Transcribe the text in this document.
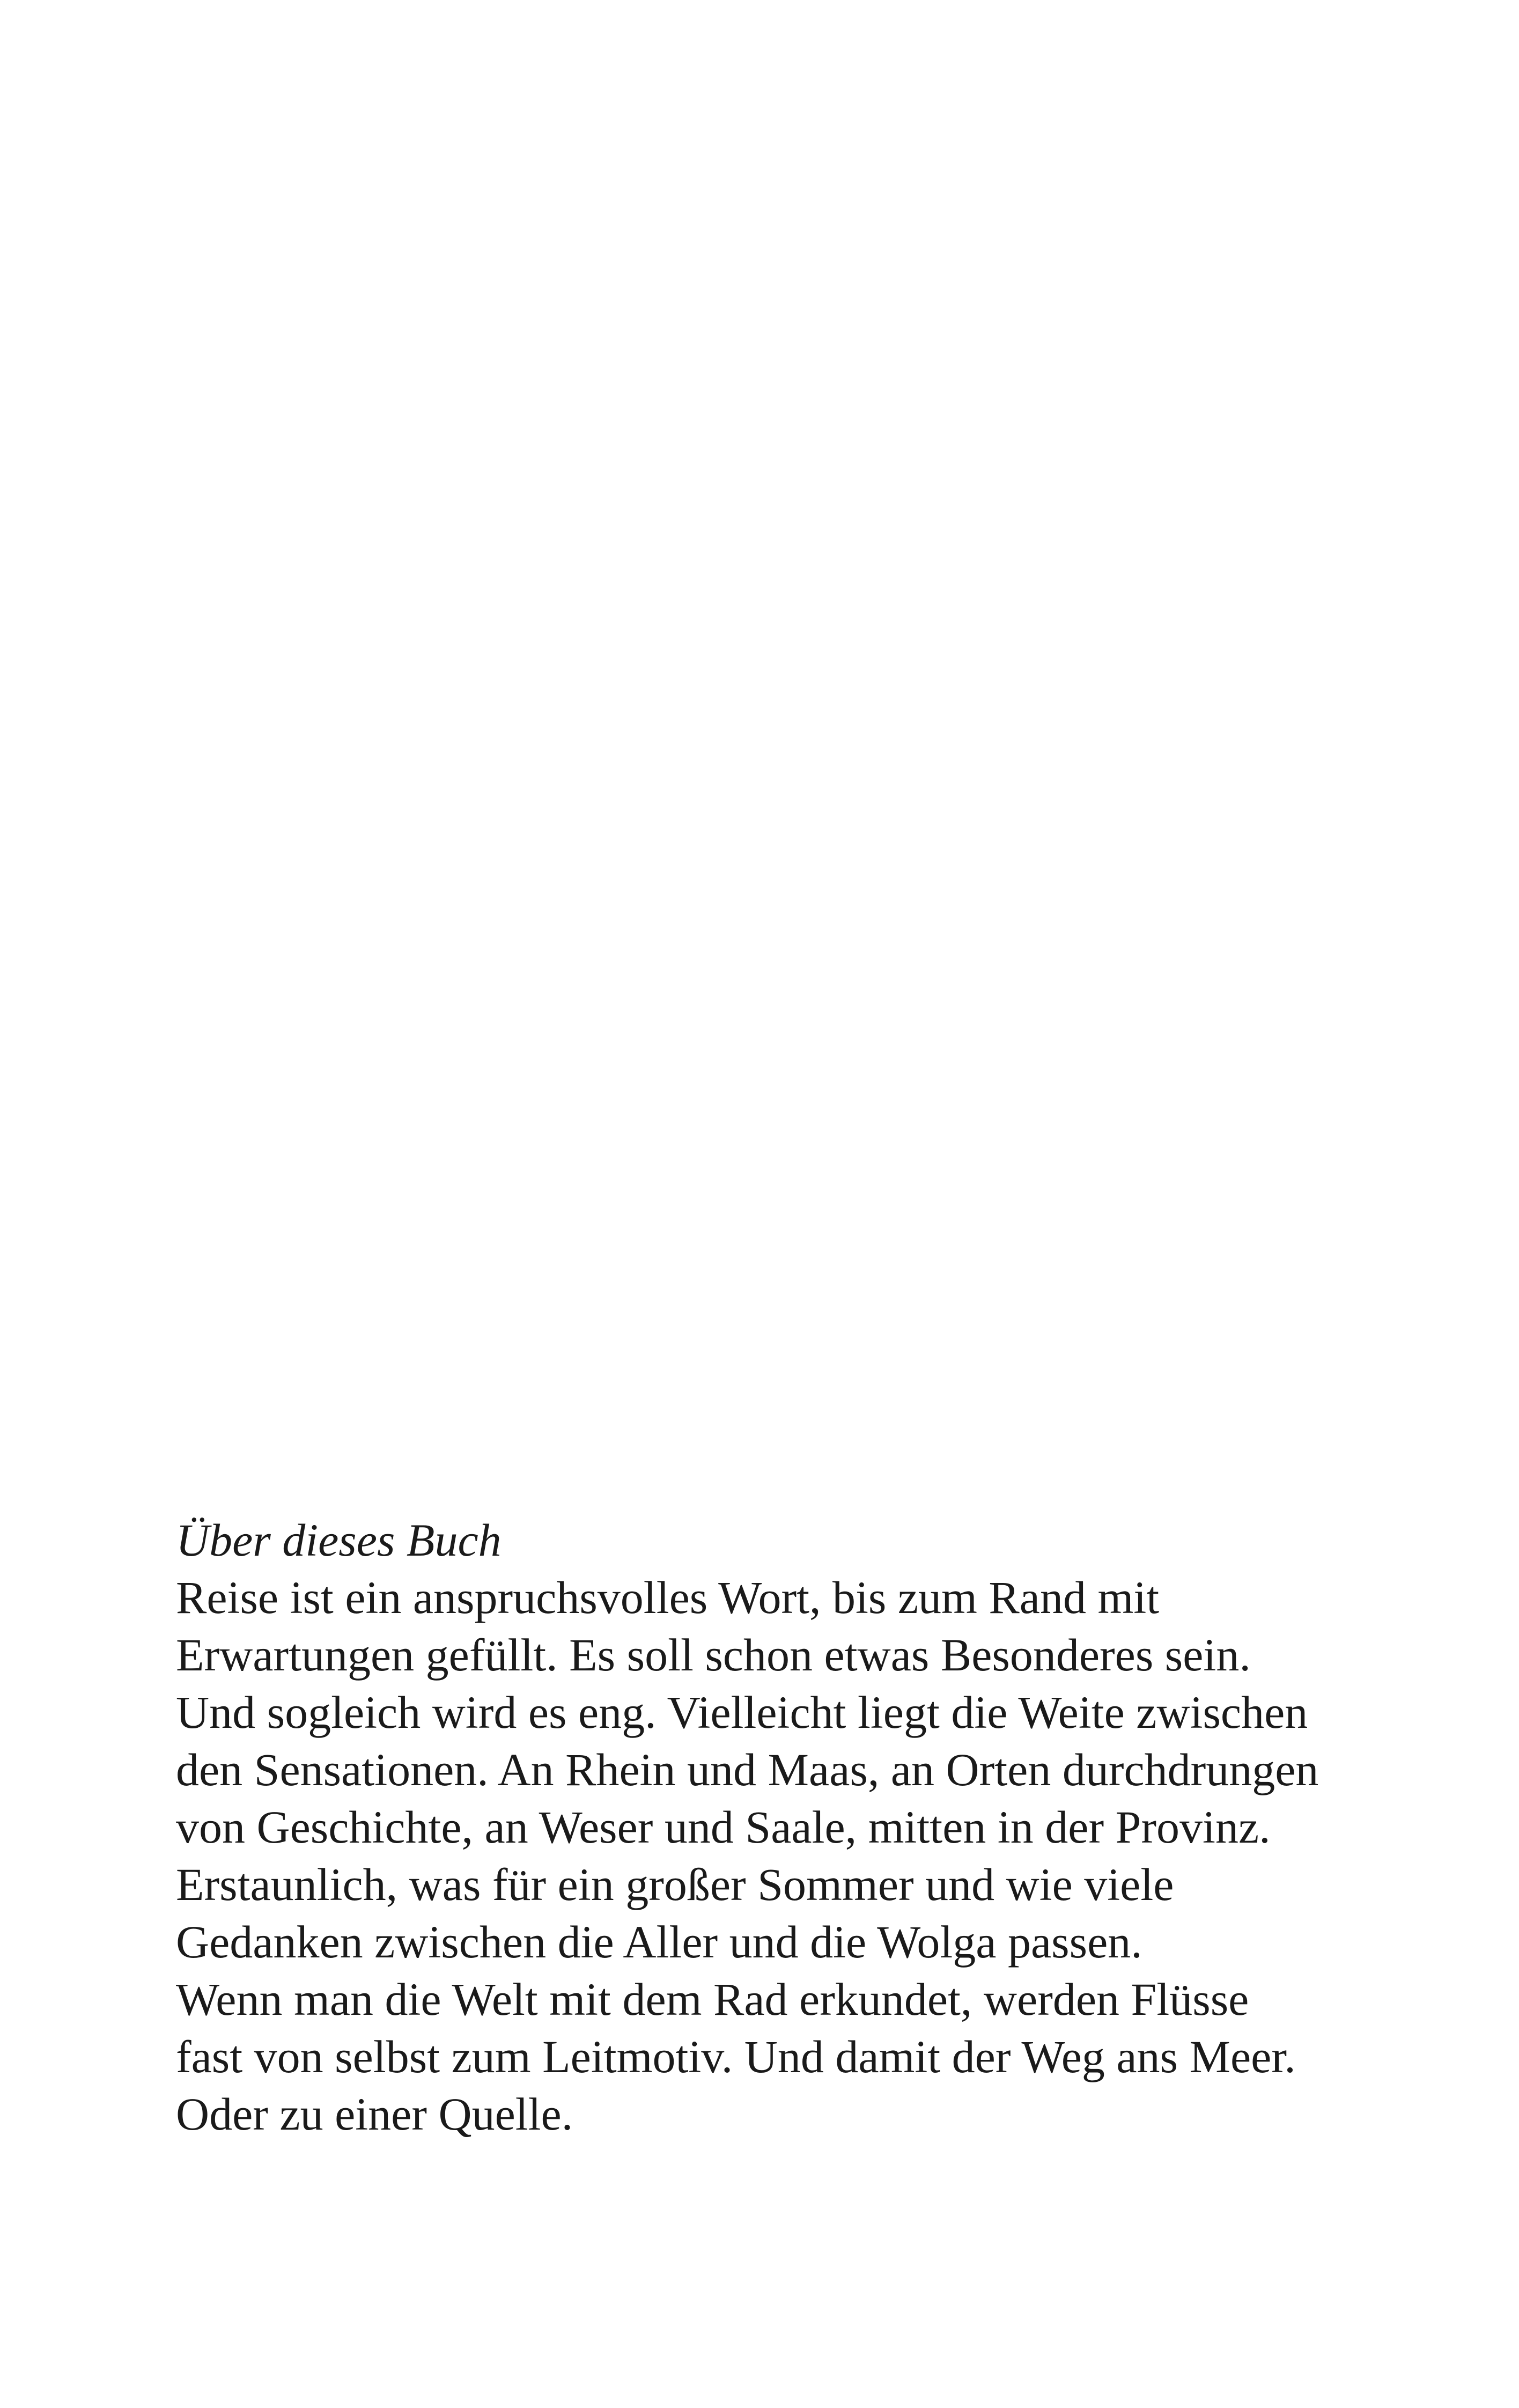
Über dieses Buch

Reise ist ein anspruchsvolles Wort, bis zum Rand mit

Erwartungen gefüllt. Es soll schon etwas Besonderes sein.

Und sogleich wird es eng. Vielleicht liegt die Weite zwischen

den Sensationen. An Rhein und Maas, an Orten durchdrungen

von Geschichte, an Weser und Saale, mitten in der Provinz.

Erstaunlich, was für ein großer Sommer und wie viele

Gedanken zwischen die Aller und die Wolga passen.

Wenn man die Welt mit dem Rad erkundet, werden Flüsse

fast von selbst zum Leitmotiv. Und damit der Weg ans Meer.

Oder zu einer Quelle.
